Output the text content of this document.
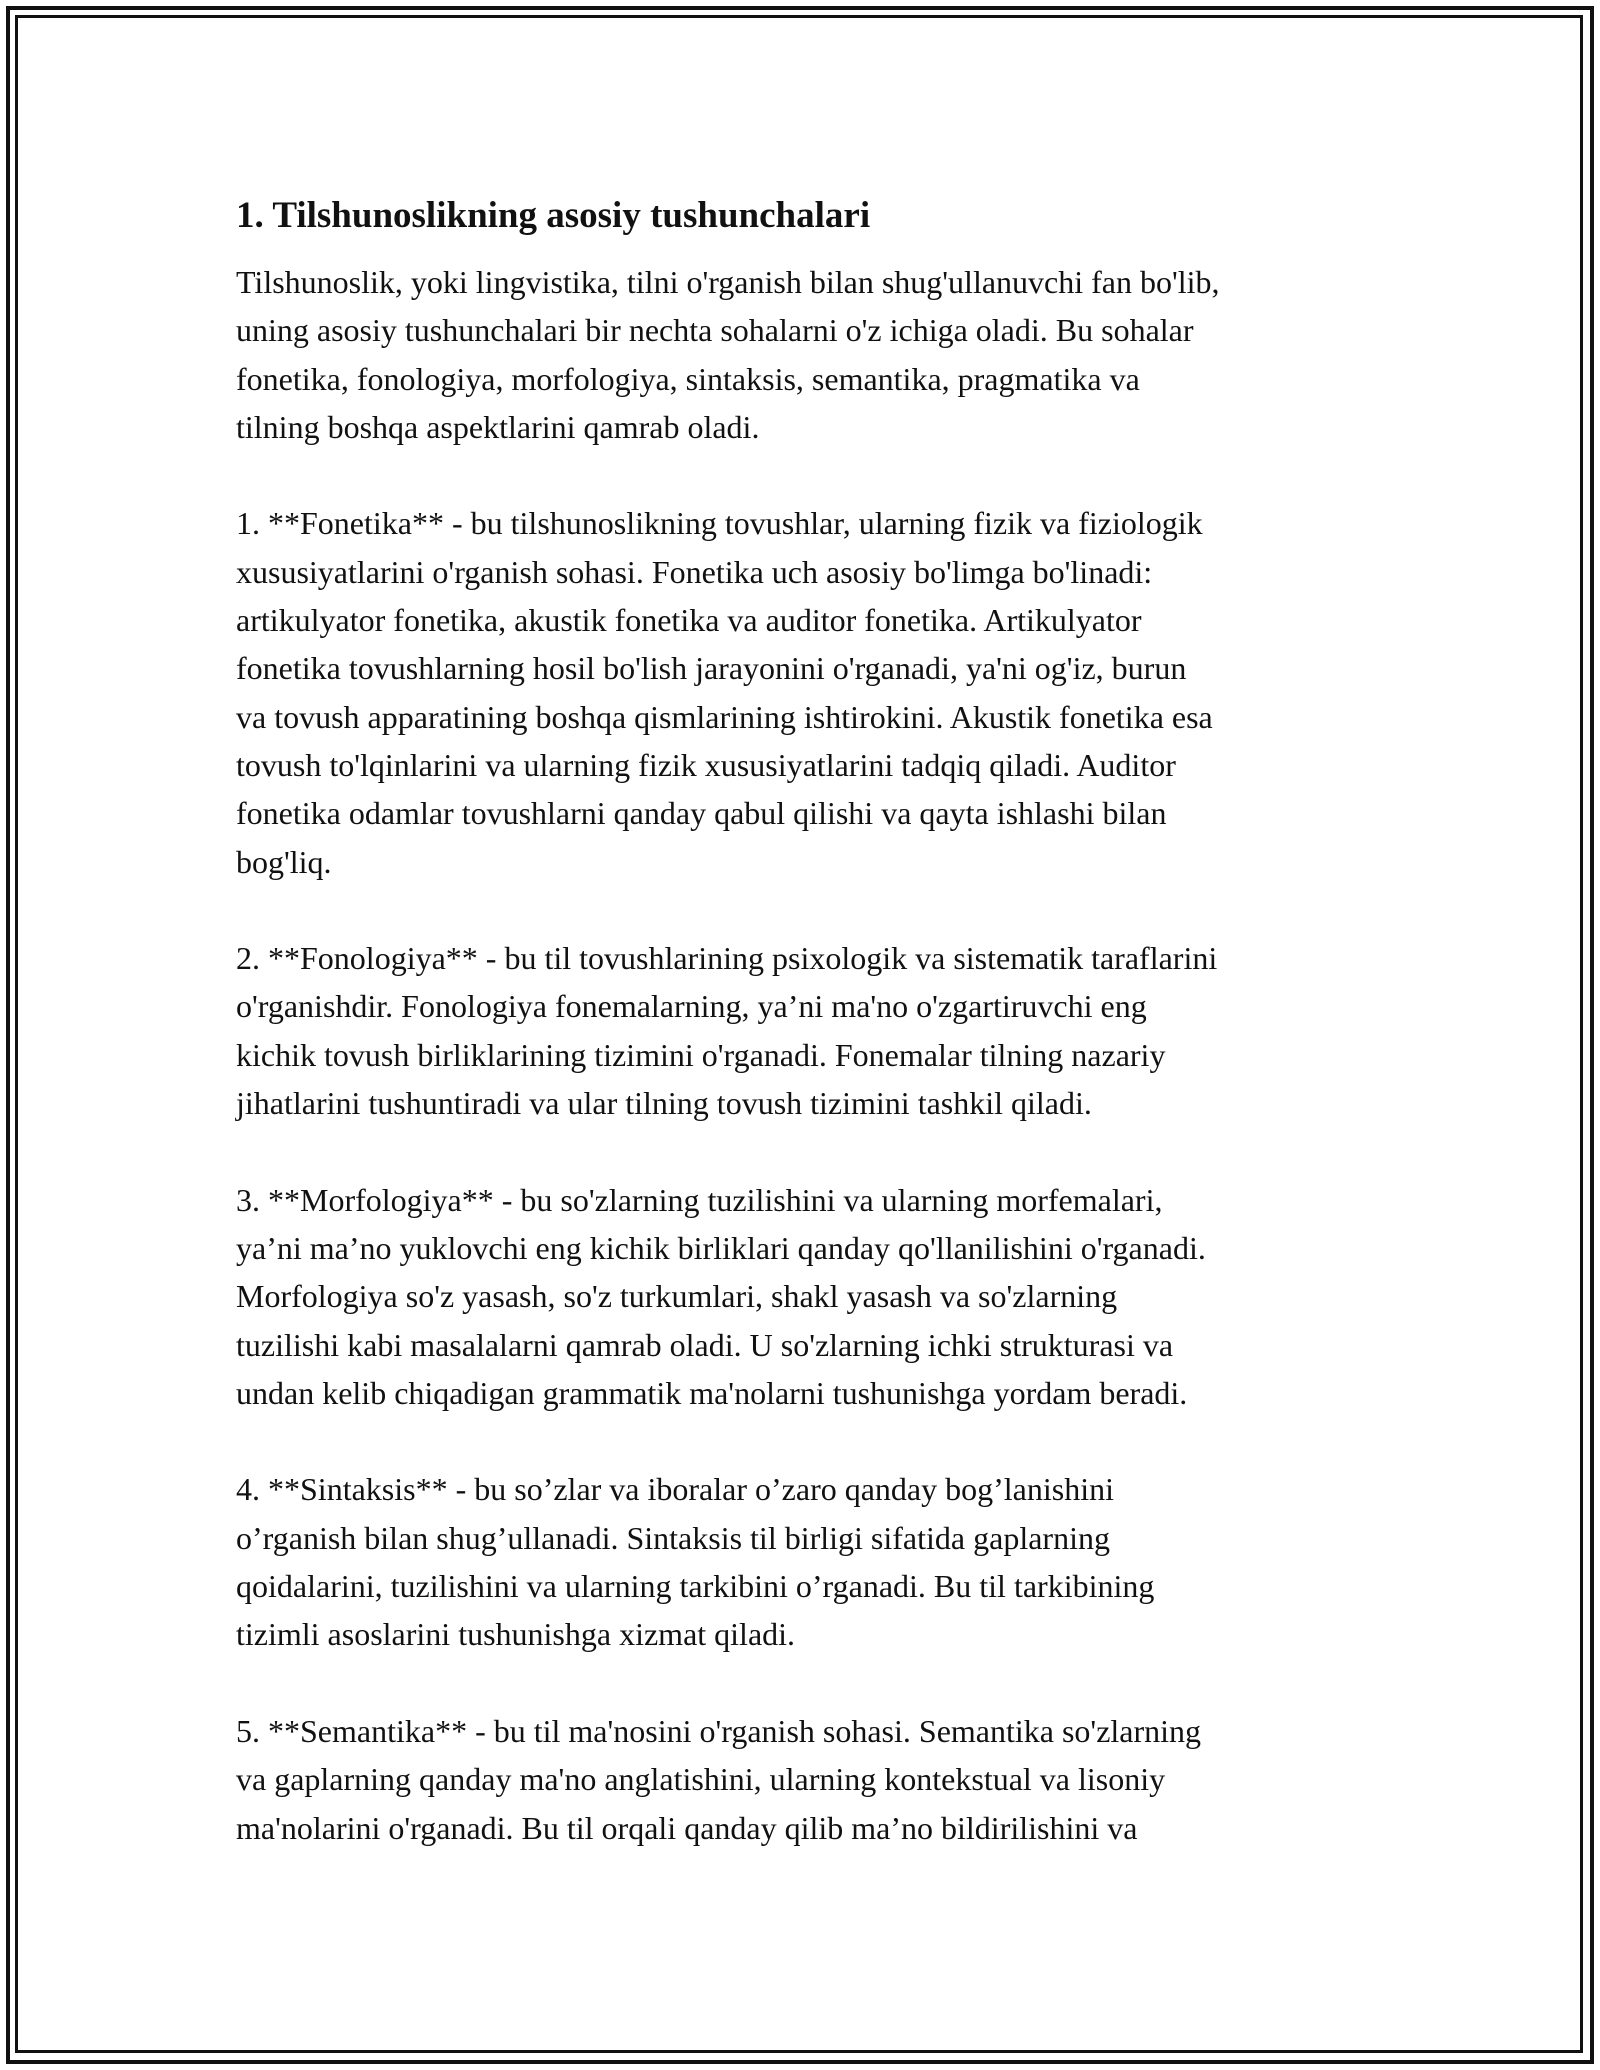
1. Tilshunoslikning asosiy tushunchalari

Tilshunoslik, yoki lingvistika, tilni o'rganish bilan shug'ullanuvchi fan bo'lib,
uning asosiy tushunchalari bir nechta sohalarni o'z ichiga oladi. Bu sohalar
fonetika, fonologiya, morfologiya, sintaksis, semantika, pragmatika va
tilning boshqa aspektlarini qamrab oladi.

1. **Fonetika** - bu tilshunoslikning tovushlar, ularning fizik va fiziologik
xususiyatlarini o'rganish sohasi. Fonetika uch asosiy bo'limga bo'linadi:
artikulyator fonetika, akustik fonetika va auditor fonetika. Artikulyator
fonetika tovushlarning hosil bo'lish jarayonini o'rganadi, ya'ni og'iz, burun
va tovush apparatining boshqa qismlarining ishtirokini. Akustik fonetika esa
tovush to'lqinlarini va ularning fizik xususiyatlarini tadqiq qiladi. Auditor
fonetika odamlar tovushlarni qanday qabul qilishi va qayta ishlashi bilan
bog'liq.

2. **Fonologiya** - bu til tovushlarining psixologik va sistematik taraflarini
o'rganishdir. Fonologiya fonemalarning, ya’ni ma'no o'zgartiruvchi eng
kichik tovush birliklarining tizimini o'rganadi. Fonemalar tilning nazariy
jihatlarini tushuntiradi va ular tilning tovush tizimini tashkil qiladi.

3. **Morfologiya** - bu so'zlarning tuzilishini va ularning morfemalari,
ya’ni ma’no yuklovchi eng kichik birliklari qanday qo'llanilishini o'rganadi.
Morfologiya so'z yasash, so'z turkumlari, shakl yasash va so'zlarning
tuzilishi kabi masalalarni qamrab oladi. U so'zlarning ichki strukturasi va
undan kelib chiqadigan grammatik ma'nolarni tushunishga yordam beradi.

4. **Sintaksis** - bu so’zlar va iboralar o’zaro qanday bog’lanishini
o’rganish bilan shug’ullanadi. Sintaksis til birligi sifatida gaplarning
qoidalarini, tuzilishini va ularning tarkibini o’rganadi. Bu til tarkibining
tizimli asoslarini tushunishga xizmat qiladi.

5. **Semantika** - bu til ma'nosini o'rganish sohasi. Semantika so'zlarning
va gaplarning qanday ma'no anglatishini, ularning kontekstual va lisoniy
ma'nolarini o'rganadi. Bu til orqali qanday qilib ma’no bildirilishini va
